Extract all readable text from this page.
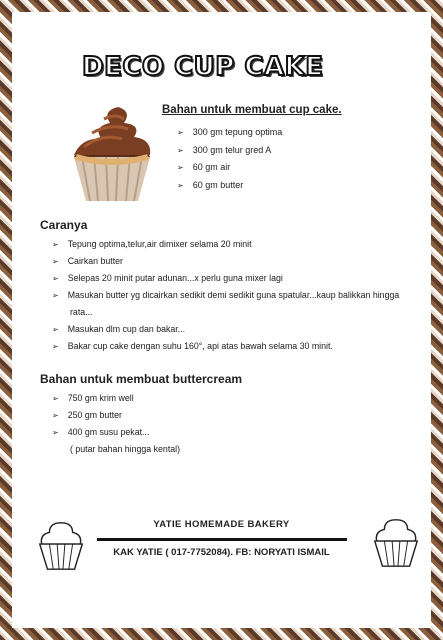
DECO CUP CAKE
Bahan untuk membuat cup cake.
➢ 300 gm tepung optima
➢ 300 gm telur gred A
➢ 60 gm air
➢ 60 gm butter
Caranya
➢ Tepung optima,telur,air dimixer selama 20 minit
➢ Cairkan butter
➢ Selepas 20 minit putar adunan...x perlu guna mixer lagi
➢ Masukan butter yg dicairkan sedikit demi sedikit guna spatular...kaup balikkan hingga rata...
➢ Masukan dlm cup dan bakar...
➢ Bakar cup cake dengan suhu 160°, api atas bawah selama 30 minit.
Bahan untuk membuat buttercream
➢ 750 gm krim well
➢ 250 gm butter
➢ 400 gm susu pekat...
( putar bahan hingga kental)
YATIE HOMEMADE BAKERY
KAK YATIE ( 017-7752084). FB: NORYATI ISMAIL
